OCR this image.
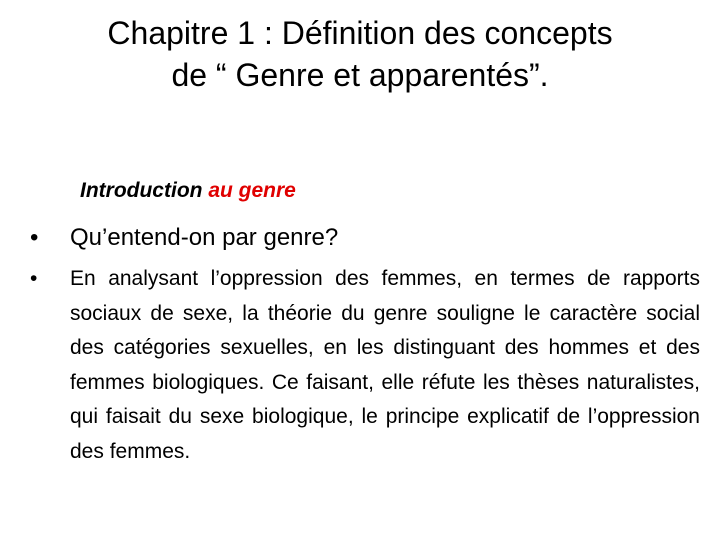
Chapitre 1 : Définition des concepts
de “ Genre et apparentés”.
Introduction au genre
• Qu’entend-on par genre?
• En analysant l’oppression des femmes, en termes de rapports sociaux de sexe, la théorie du genre souligne le caractère social des catégories sexuelles, en les distinguant des hommes et des femmes biologiques. Ce faisant, elle réfute les thèses naturalistes, qui faisait du sexe biologique, le principe explicatif de l’oppression des femmes.
